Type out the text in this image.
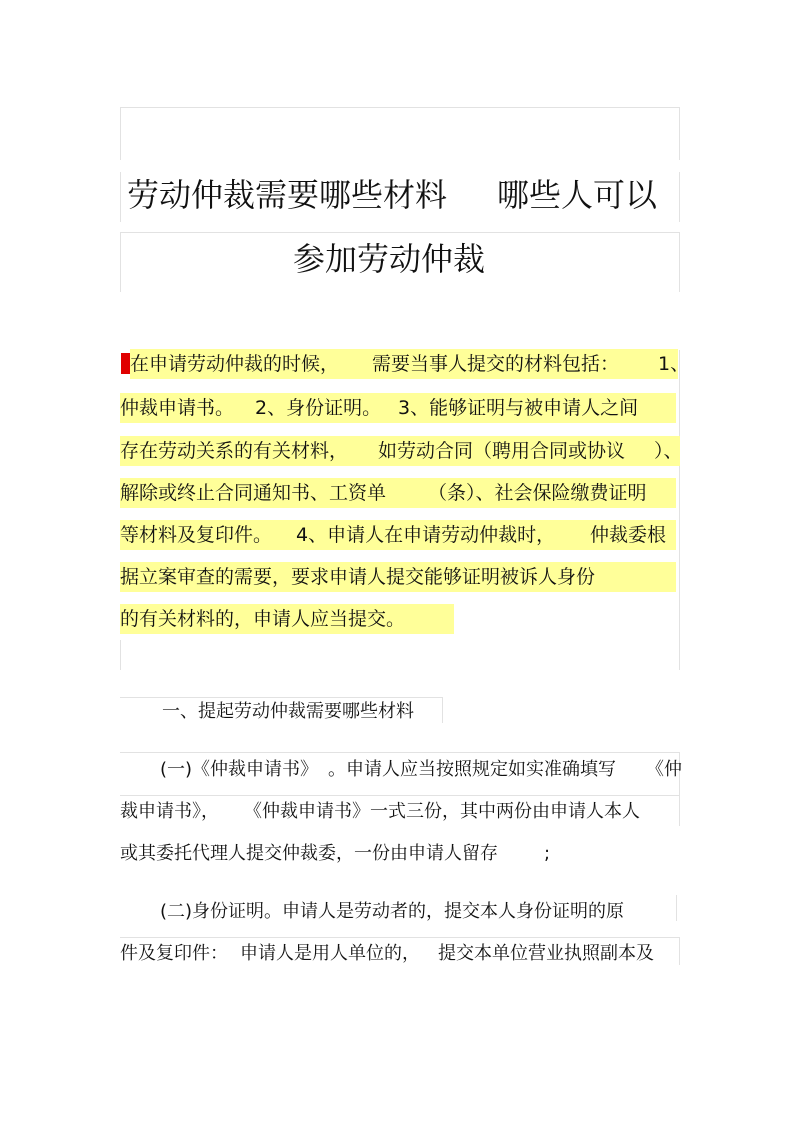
劳动仲裁需要哪些材料 哪些人可以
参加劳动仲裁
在申请劳动仲裁的时候， 需要当事人提交的材料包括： 1、
仲裁申请书。 2、身份证明。 3、能够证明与被申请人之间
存在劳动关系的有关材料， 如劳动合同（聘用合同或协议 ）、
解除或终止合同通知书、工资单 （条）、社会保险缴费证明
等材料及复印件。 4、申请人在申请劳动仲裁时， 仲裁委根
据立案审查的需要，要求申请人提交能够证明被诉人身份
的有关材料的，申请人应当提交。
一、提起劳动仲裁需要哪些材料
(一)《仲裁申请书》 。申请人应当按照规定如实准确填写 《仲
裁申请书》， 《仲裁申请书》一式三份，其中两份由申请人本人
或其委托代理人提交仲裁委，一份由申请人留存	;
(二)身份证明。申请人是劳动者的，提交本人身份证明的原
件及复印件： 申请人是用人单位的， 提交本单位营业执照副本及
